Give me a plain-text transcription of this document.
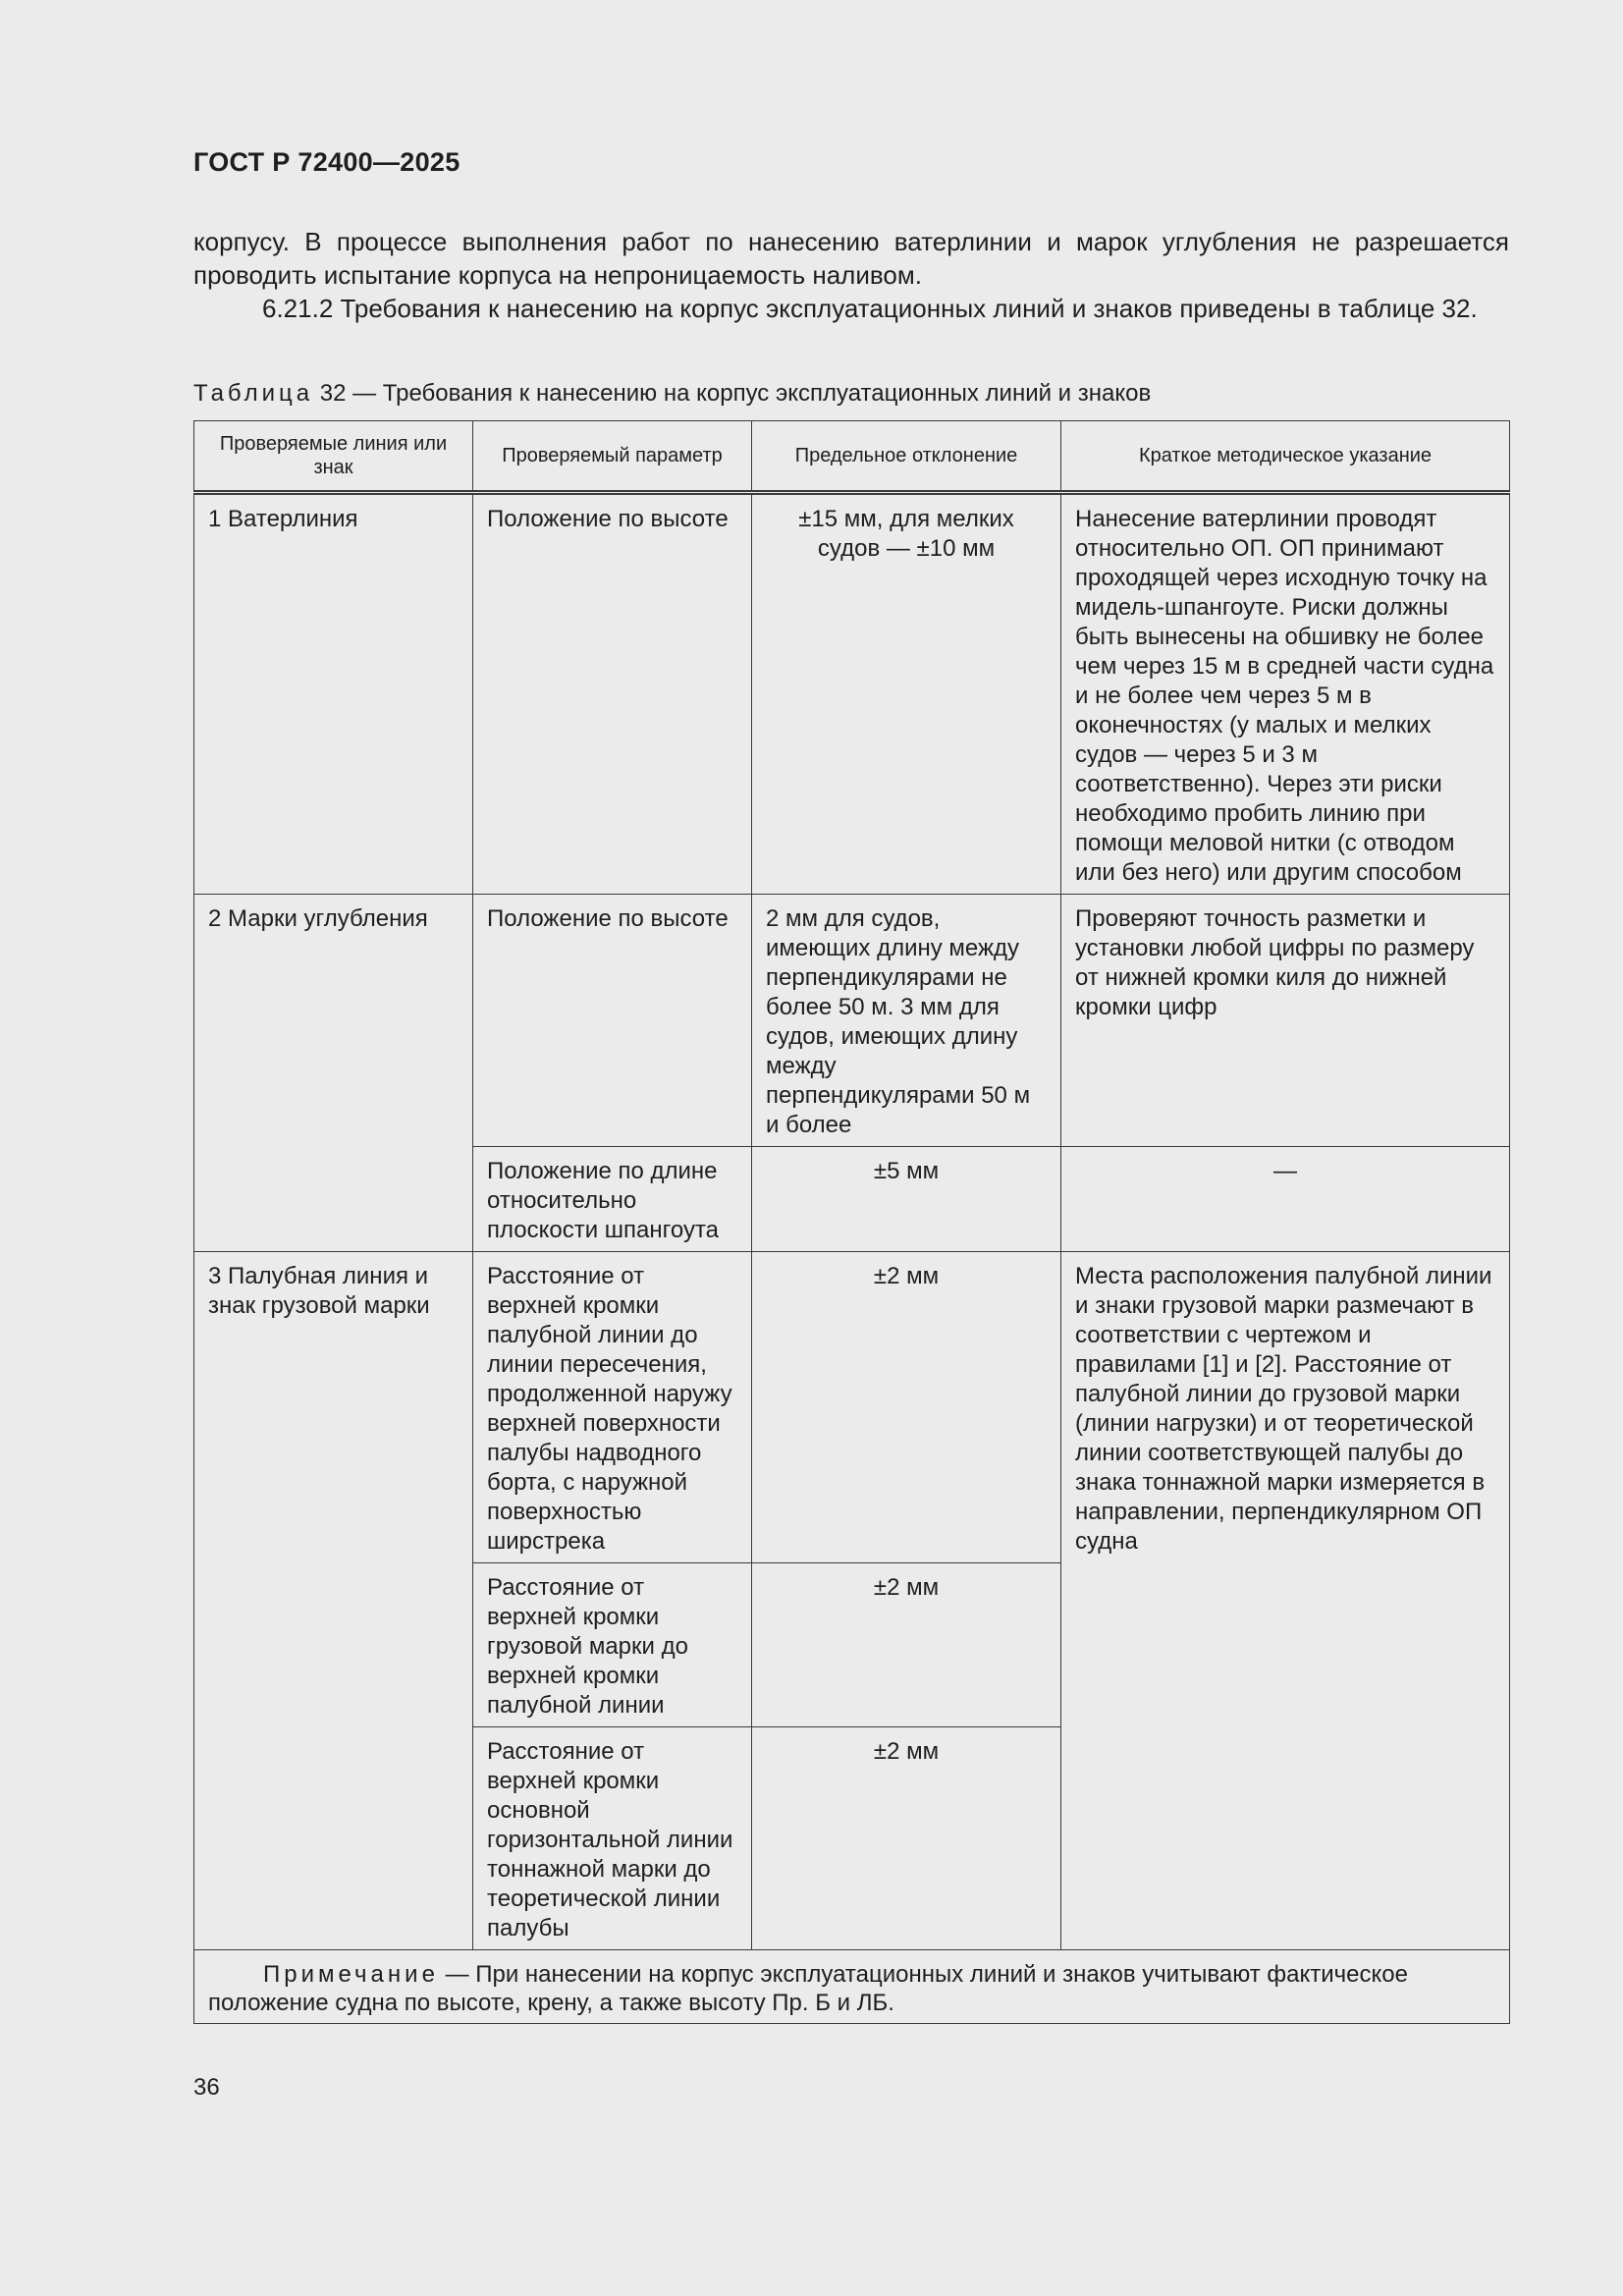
ГОСТ Р 72400—2025
корпусу. В процессе выполнения работ по нанесению ватерлинии и марок углубления не разрешается проводить испытание корпуса на непроницаемость наливом.
6.21.2 Требования к нанесению на корпус эксплуатационных линий и знаков приведены в таблице 32.
Таблица 32 — Требования к нанесению на корпус эксплуатационных линий и знаков
Проверяемые линия или знак	Проверяемый параметр	Предельное отклонение	Краткое методическое указание
1 Ватерлиния	Положение по высоте	±15 мм, для мелких судов — ±10 мм	Нанесение ватерлинии проводят относительно ОП. ОП принимают проходящей через исходную точку на мидель-шпангоуте. Риски должны быть вынесены на обшивку не более чем через 15 м в средней части судна и не более чем через 5 м в оконечностях (у малых и мелких судов — через 5 и 3 м соответственно). Через эти риски необходимо пробить линию при помощи меловой нитки (с отводом или без него) или другим способом
2 Марки углубления	Положение по высоте	2 мм для судов, имеющих длину между перпендикулярами не более 50 м. 3 мм для судов, имеющих длину между перпендикулярами 50 м и более	Проверяют точность разметки и установки любой цифры по размеру от нижней кромки киля до нижней кромки цифр
	Положение по длине относительно плоскости шпангоута	±5 мм	—
3 Палубная линия и знак грузовой марки	Расстояние от верхней кромки палубной линии до линии пересечения, продолженной наружу верхней поверхности палубы надводного борта, с наружной поверхностью ширстрека	±2 мм	Места расположения палубной линии и знаки грузовой марки размечают в соответствии с чертежом и правилами [1] и [2]. Расстояние от палубной линии до грузовой марки (линии нагрузки) и от теоретической линии соответствующей палубы до знака тоннажной марки измеряется в направлении, перпендикулярном ОП судна
	Расстояние от верхней кромки грузовой марки до верхней кромки палубной линии	±2 мм	
	Расстояние от верхней кромки основной горизонтальной линии тоннажной марки до теоретической линии палубы	±2 мм	
Примечание — При нанесении на корпус эксплуатационных линий и знаков учитывают фактическое положение судна по высоте, крену, а также высоту Пр. Б и ЛБ.			
36
